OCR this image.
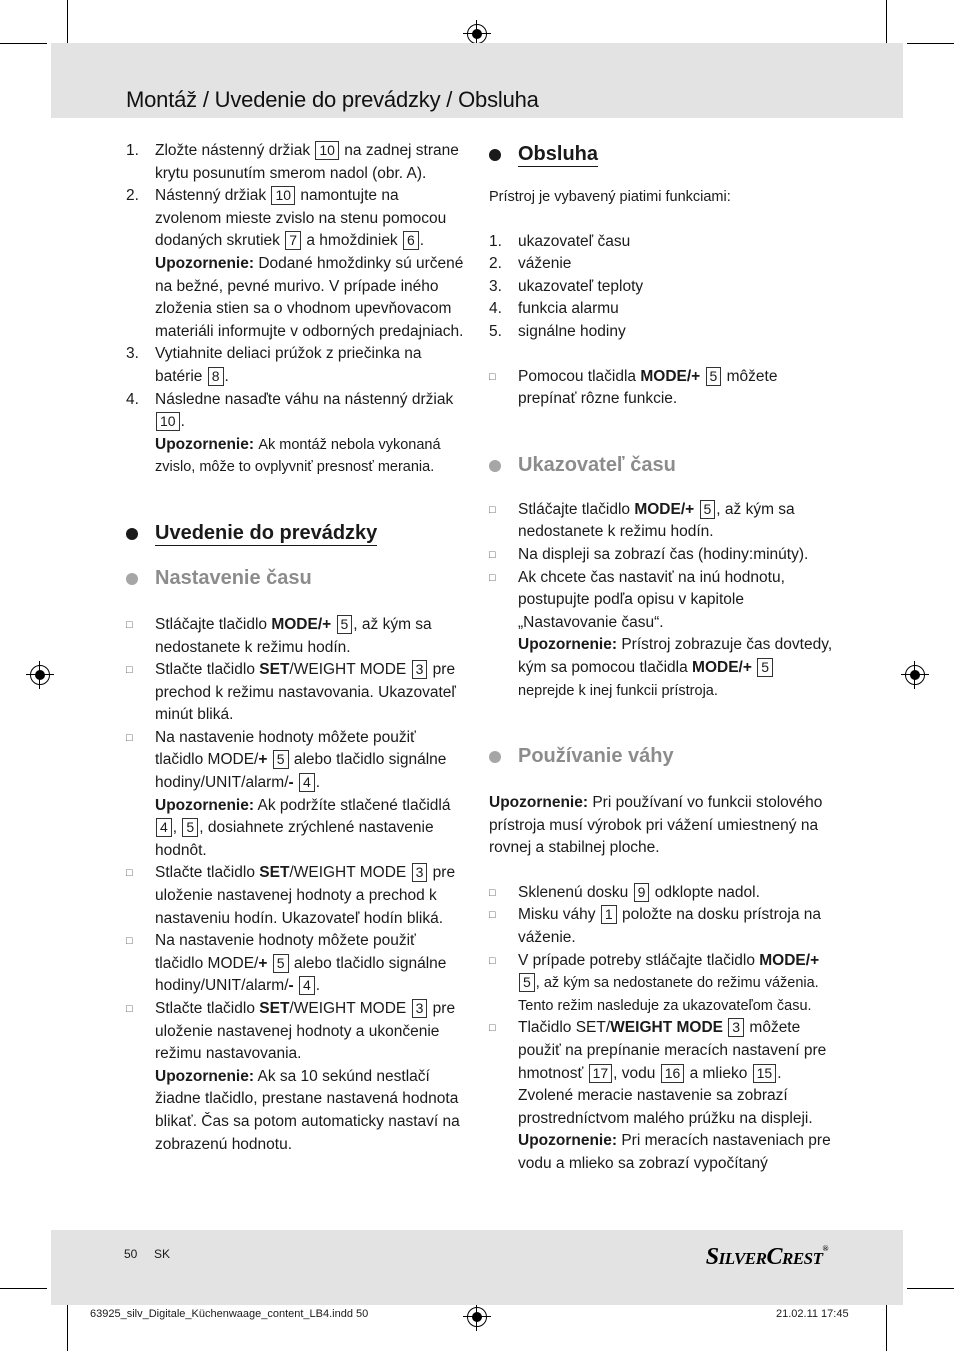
Montáž / Uvedenie do prevádzky / Obsluha
1.	Zložte nástenný držiak 10 na zadnej strane krytu posunutím smerom nadol (obr. A).
2.	Nástenný držiak 10 namontujte na zvolenom mieste zvislo na stenu pomocou dodaných skrutiek 7 a hmoždiniek 6 .
Upozornenie: Dodané hmoždinky sú určené na bežné, pevné murivo. V prípade iného zloženia stien sa o vhodnom upevňovacom materiáli informujte v odborných predajniach.
3.	Vytiahnite deliaci prúžok z priečinka na batérie 8 .
4.	Následne nasaďte váhu na nástenný držiak 10 .
Upozornenie: Ak montáž nebola vykonaná zvislo, môže to ovplyvniť presnosť merania.
Uvedenie do prevádzky
Nastavenie času
□ Stláčajte tlačidlo MODE/+ 5 , až kým sa nedostanete k režimu hodín.
□ Stlačte tlačidlo SET/WEIGHT MODE 3 pre prechod k režimu nastavovania. Ukazovateľ minút bliká.
□ Na nastavenie hodnoty môžete použiť tlačidlo MODE/+ 5 alebo tlačidlo signálne hodiny/UNIT/alarm/- 4 .
Upozornenie: Ak podržíte stlačené tlačidlá 4 , 5 , dosiahnete zrýchlené nastavenie hodnôt.
□ Stlačte tlačidlo SET/WEIGHT MODE 3 pre uloženie nastavenej hodnoty a prechod k nastaveniu hodín. Ukazovateľ hodín bliká.
□ Na nastavenie hodnoty môžete použiť tlačidlo MODE/+ 5 alebo tlačidlo signálne hodiny/UNIT/alarm/- 4 .
□ Stlačte tlačidlo SET/WEIGHT MODE 3 pre uloženie nastavenej hodnoty a ukončenie režimu nastavovania.
Upozornenie: Ak sa 10 sekúnd nestlačí žiadne tlačidlo, prestane nastavená hodnota blikať. Čas sa potom automaticky nastaví na zobrazenú hodnotu.
Obsluha
Prístroj je vybavený piatimi funkciami:
1.	ukazovateľ času
2.	váženie
3.	ukazovateľ teploty
4.	funkcia alarmu
5.	signálne hodiny
□ Pomocou tlačidla MODE/+ 5 môžete prepínať rôzne funkcie.
Ukazovateľ času
□ Stláčajte tlačidlo MODE/+ 5 , až kým sa nedostanete k režimu hodín.
□ Na displeji sa zobrazí čas (hodiny:minúty).
□ Ak chcete čas nastaviť na inú hodnotu, postupujte podľa opisu v kapitole „Nastavovanie času“.
Upozornenie: Prístroj zobrazuje čas dovtedy, kým sa pomocou tlačidla MODE/+ 5 neprejde k inej funkcii prístroja.
Používanie váhy
Upozornenie: Pri používaní vo funkcii stolového prístroja musí výrobok pri vážení umiestnený na rovnej a stabilnej ploche.
□ Sklenenú dosku 9 odklopte nadol.
□ Misku váhy 1 položte na dosku prístroja na váženie.
□ V prípade potreby stláčajte tlačidlo MODE/+ 5 , až kým sa nedostanete do režimu váženia. Tento režim nasleduje za ukazovateľom času.
□ Tlačidlo SET/WEIGHT MODE 3 môžete použiť na prepínanie meracích nastavení pre hmotnosť 17 , vodu 16 a mlieko 15 . Zvolené meracie nastavenie sa zobrazí prostredníctvom malého prúžku na displeji.
Upozornenie: Pri meracích nastaveniach pre vodu a mlieko sa zobrazí vypočítaný
50 SK	SILVERCREST®
63925_silv_Digitale_Küchenwaage_content_LB4.indd 50	21.02.11 17:45
